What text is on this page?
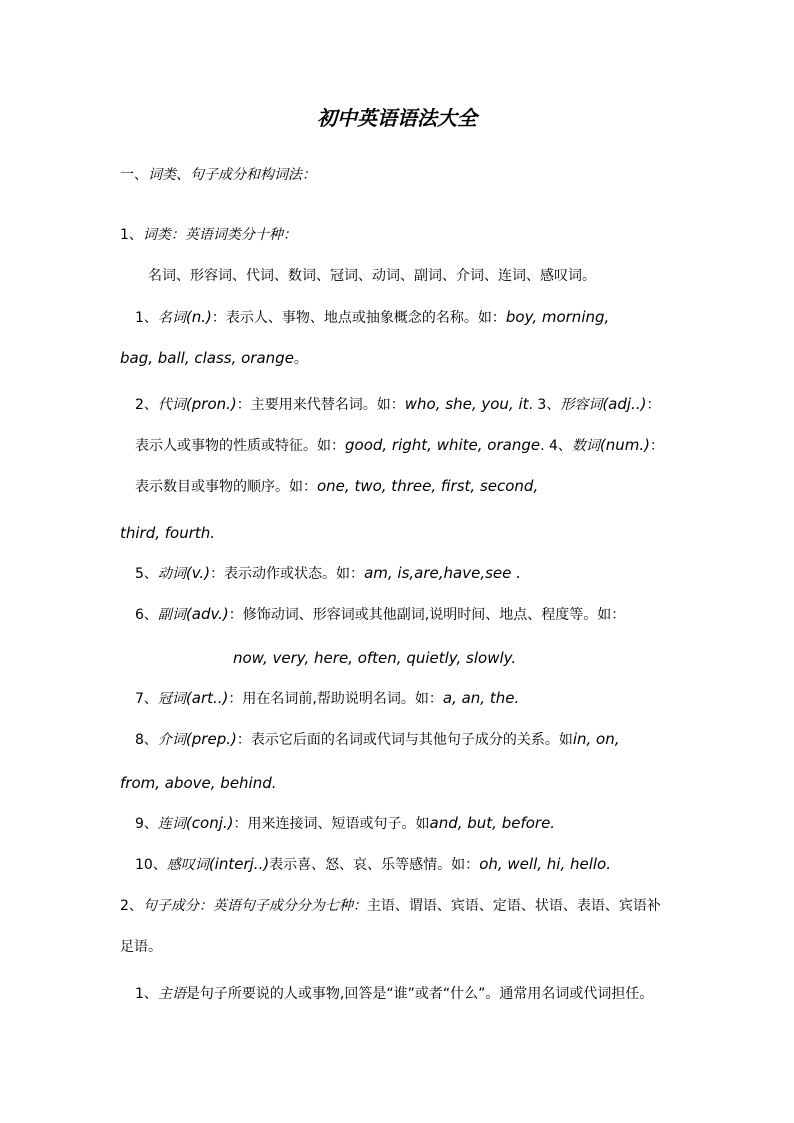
初中英语语法大全
一、词类、句子成分和构词法：
1、词类：英语词类分十种：
名词、形容词、代词、数词、冠词、动词、副词、介词、连词、感叹词。
1、名词(n.)：表示人、事物、地点或抽象概念的名称。如：boy, morning,
bag, ball, class, orange。
2、代词(pron.)：主要用来代替名词。如：who, she, you, it. 3、形容词(adj..)：
表示人或事物的性质或特征。如：good, right, white, orange. 4、数词(num.)：
表示数目或事物的顺序。如：one, two, three, first, second,
third, fourth.
5、动词(v.)：表示动作或状态。如：am, is,are,have,see .
6、副词(adv.)：修饰动词、形容词或其他副词,说明时间、地点、程度等。如：
now, very, here, often, quietly, slowly.
7、冠词(art..)：用在名词前,帮助说明名词。如：a, an, the.
8、介词(prep.)：表示它后面的名词或代词与其他句子成分的关系。如in, on,
from, above, behind.
9、连词(conj.)：用来连接词、短语或句子。如and, but, before.
10、感叹词(interj..)表示喜、怒、哀、乐等感情。如：oh, well, hi, hello.
2、句子成分：英语句子成分分为七种：主语、谓语、宾语、定语、状语、表语、宾语补
足语。
1、主语是句子所要说的人或事物,回答是“谁”或者“什么”。通常用名词或代词担任。
